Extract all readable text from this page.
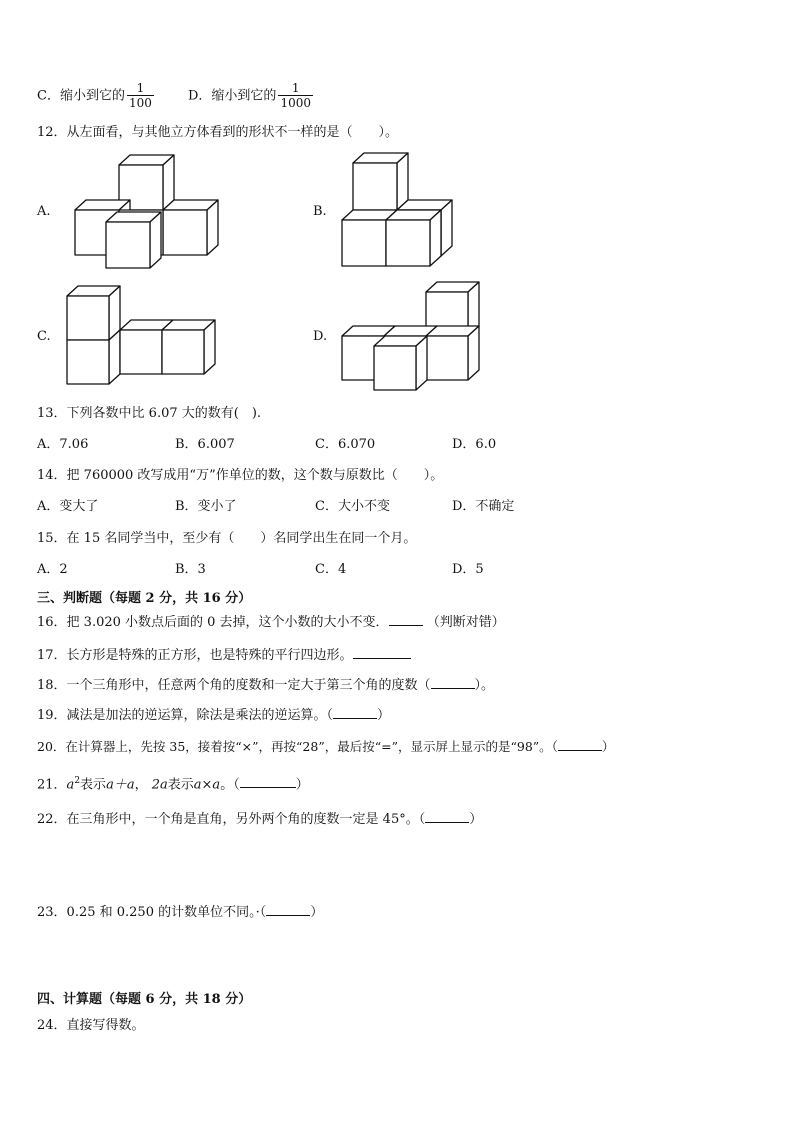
C．缩小到它的 $\frac{1}{100}$	D．缩小到它的 $\frac{1}{1000}$
12．从左面看，与其他立方体看到的形状不一样的是（　　）。
A.	B.
C.	D.
13．下列各数中比 6.07 大的数有(　).
A．7.06	B．6.007	C．6.070	D．6.0
14．把 760000 改写成用“万”作单位的数，这个数与原数比（　　）。
A．变大了	B．变小了	C．大小不变	D．不确定
15．在 15 名同学当中，至少有（　　）名同学出生在同一个月。
A．2	B．3	C．4	D．5
三、判断题（每题 2 分，共 16 分）
16．把 3.020 小数点后面的 0 去掉，这个小数的大小不变．	（判断对错）
17．长方形是特殊的正方形，也是特殊的平行四边形。
18．一个三角形中，任意两个角的度数和一定大于第三个角的度数（	）。
19．减法是加法的逆运算，除法是乘法的逆运算。（	）
20．在计算器上，先按 35，接着按“×”，再按“28”，最后按“=”，显示屏上显示的是“98”。（	）
21．$a^2$表示a＋a， 2a表示a×a。（	）
22．在三角形中，一个角是直角，另外两个角的度数一定是 45°。（	）
23．0.25 和 0.250 的计数单位不同。·（	）
四、计算题（每题 6 分，共 18 分）
24．直接写得数。
